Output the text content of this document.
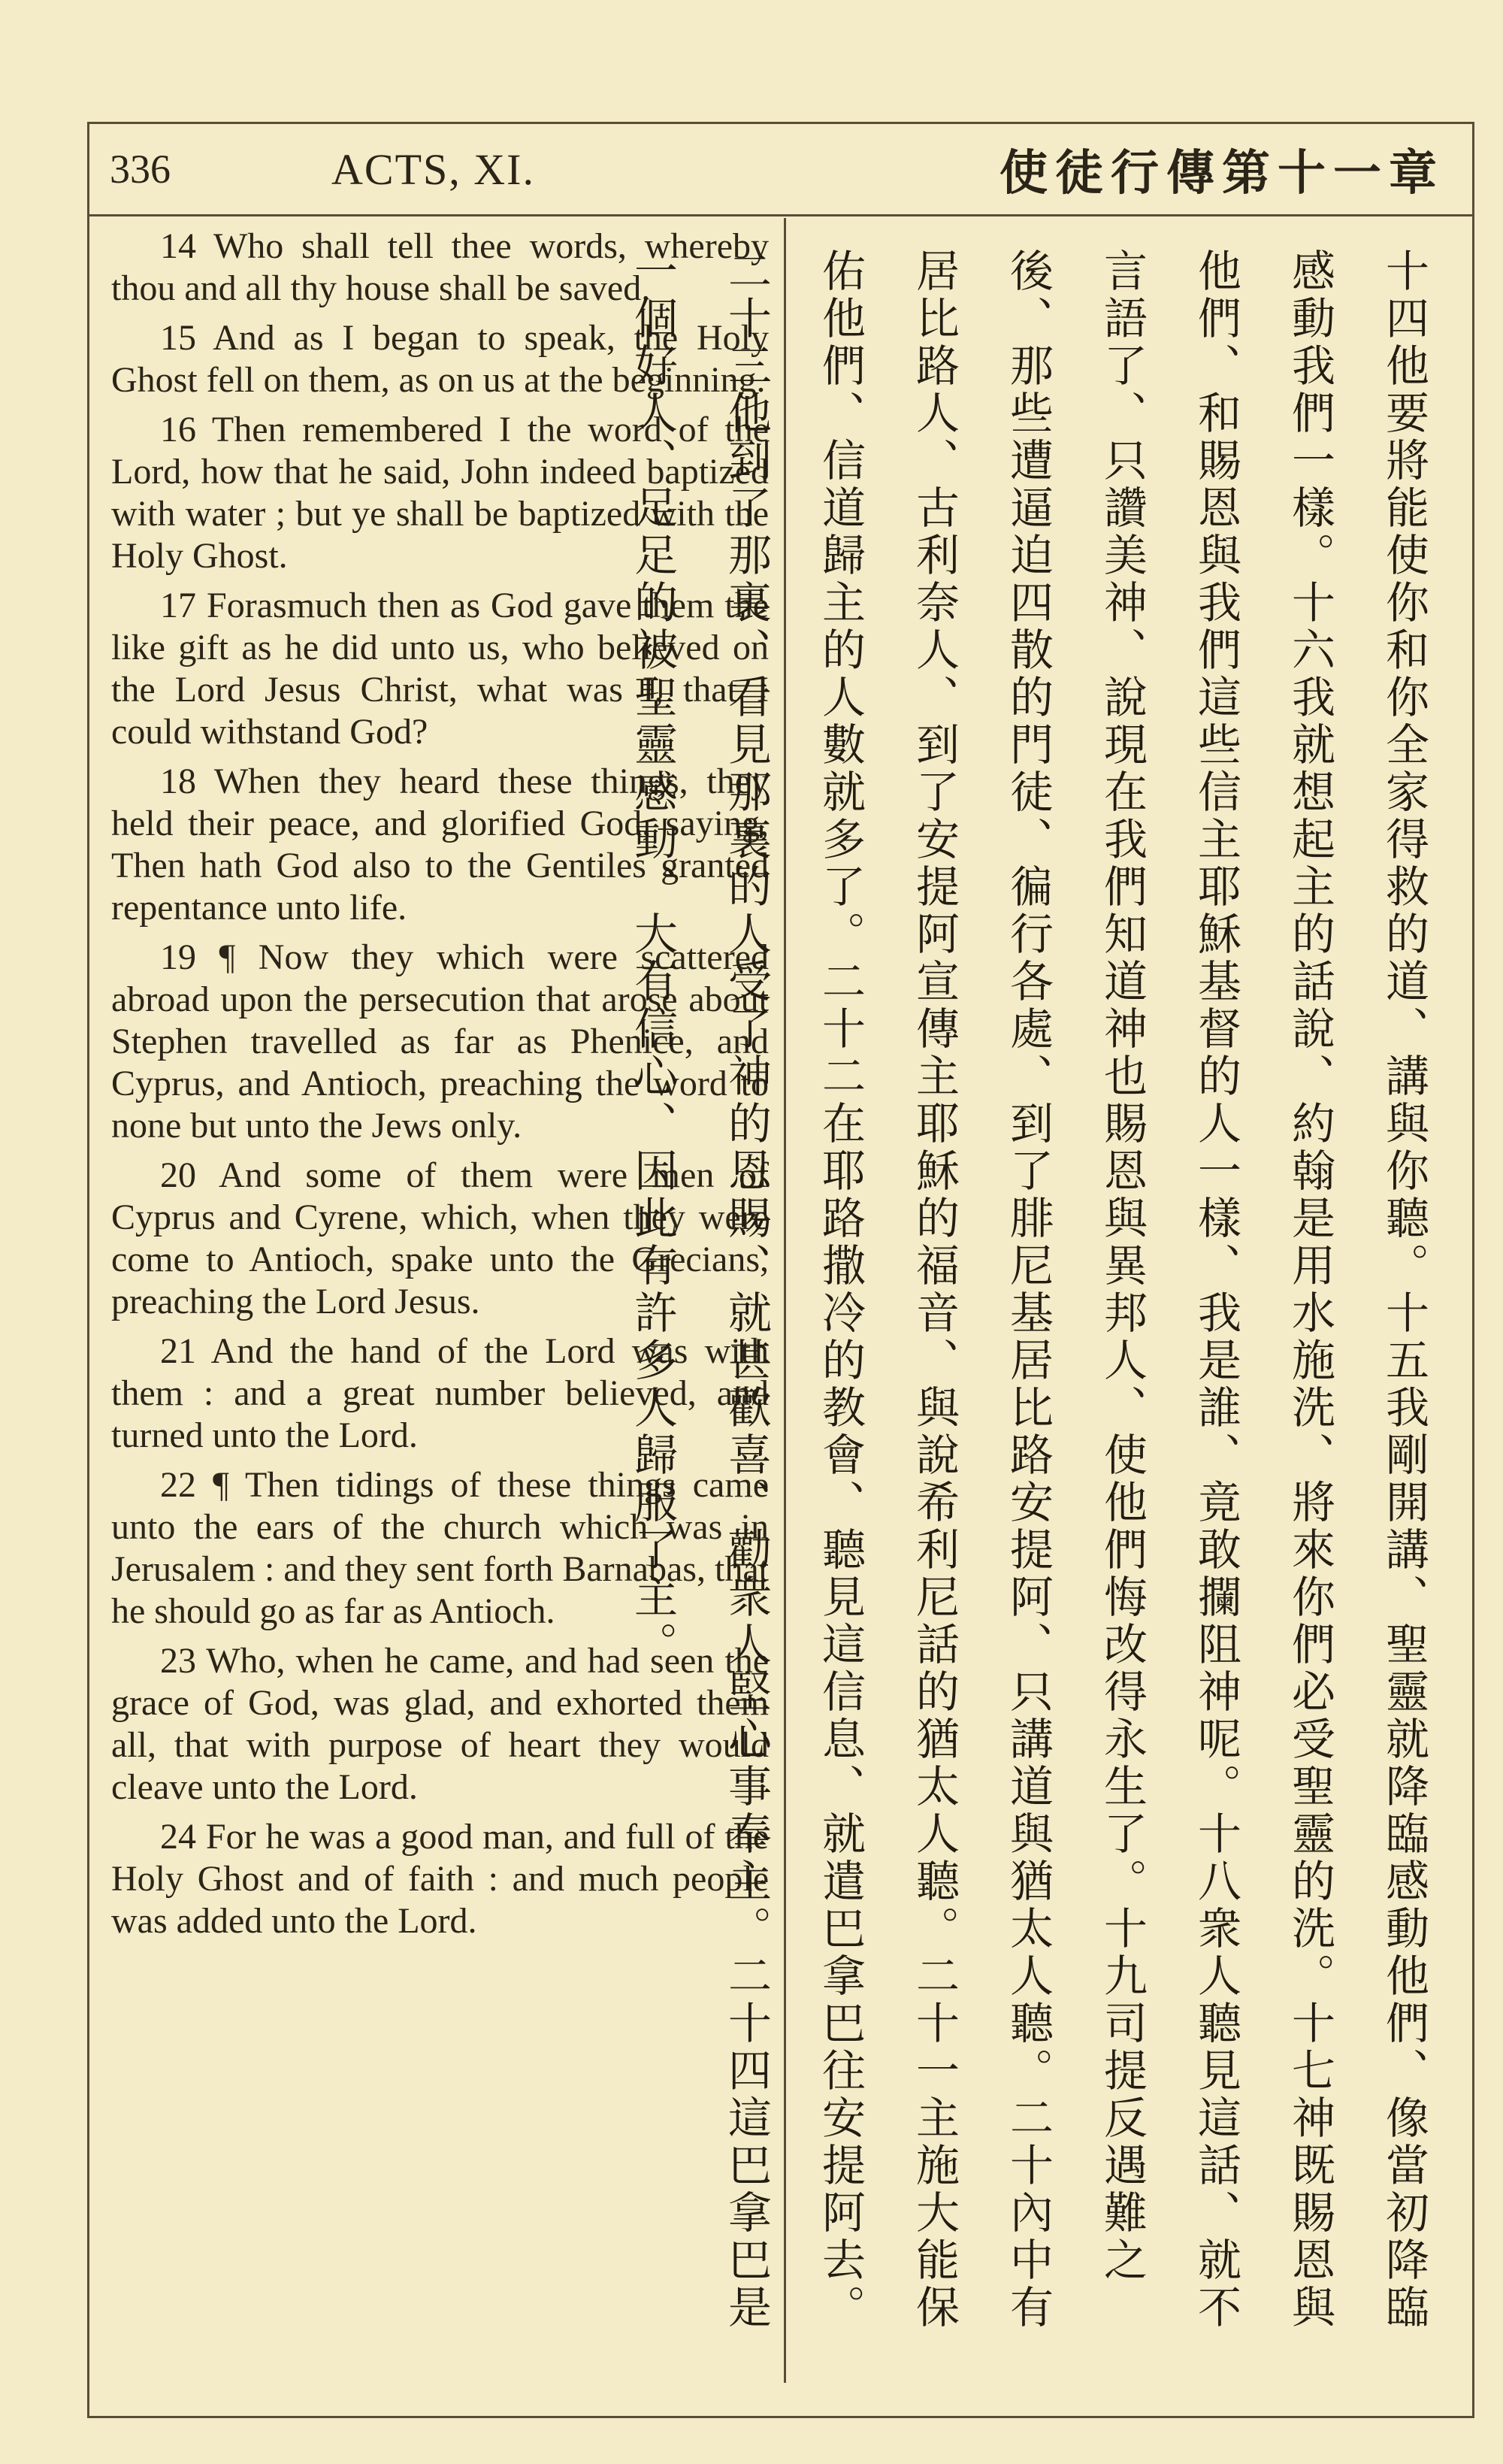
336	ACTS, XI.	使徒行傳第十一章

14 Who shall tell thee words, whereby thou and all thy house shall be saved.

15 And as I began to speak, the Holy Ghost fell on them, as on us at the beginning.

16 Then remembered I the word of the Lord, how that he said, John indeed baptized with water ; but ye shall be baptized with the Holy Ghost.

17 Forasmuch then as God gave them the like gift as he did unto us, who believed on the Lord Jesus Christ, what was I, that I could withstand God?

18 When they heard these things, they held their peace, and glorified God, saying, Then hath God also to the Gentiles granted repentance unto life.

19 ¶ Now they which were scattered abroad upon the persecution that arose about Stephen travelled as far as Phenice, and Cyprus, and Antioch, preaching the word to none but unto the Jews only.

20 And some of them were men of Cyprus and Cyrene, which, when they were come to Antioch, spake unto the Grecians, preaching the Lord Jesus.

21 And the hand of the Lord was with them : and a great number believed, and turned unto the Lord.

22 ¶ Then tidings of these things came unto the ears of the church which was in Jerusalem : and they sent forth Barnabas, that he should go as far as Antioch.

23 Who, when he came, and had seen the grace of God, was glad, and exhorted them all, that with purpose of heart they would cleave unto the Lord.

24 For he was a good man, and full of the Holy Ghost and of faith : and much people was added unto the Lord.	十四他要將能使你和你全家得救的道、講與你聽。十五我剛開講、聖靈就降臨感動他們、像當初降臨感動我們一樣。十六我就想起主的話說、約翰是用水施洗、將來你們必受聖靈的洗。十七神既賜恩與他們、和賜恩與我們這些信主耶穌基督的人一樣、我是誰、竟敢攔阻神呢。十八衆人聽見這話、就不言語了、只讚美神、說現在我們知道神也賜恩與異邦人、使他們悔改得永生了。十九司提反遇難之後、那些遭逼迫四散的門徒、徧行各處、到了腓尼基居比路安提阿、只講道與猶太人聽。二十內中有居比路人、古利奈人、到了安提阿宣傳主耶穌的福音、與說希利尼話的猶太人聽。二十一主施大能保佑他們、信道歸主的人數就多了。二十二在耶路撒冷的教會、聽見這信息、就遣巴拿巴往安提阿去。二十三他到了那裏、看見那裏的人受了神的恩賜、就甚歡喜、勸衆人堅心事奉主。二十四這巴拿巴是一個好人、足足的被聖靈感動、大有信心、因此有許多人歸服了主。
